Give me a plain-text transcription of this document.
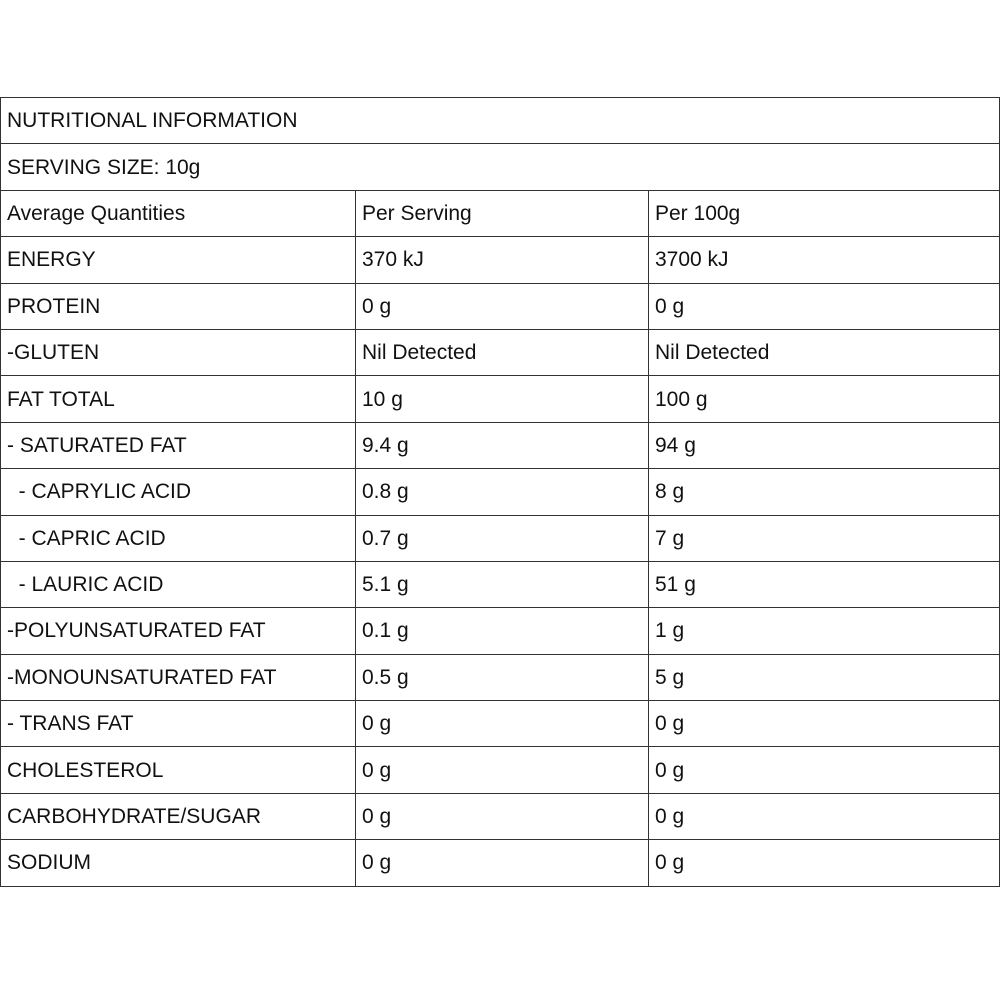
NUTRITIONAL INFORMATION		
SERVING SIZE: 10g		
Average Quantities	Per Serving	Per 100g
ENERGY	370 kJ	3700 kJ
PROTEIN	0 g	0 g
-GLUTEN	Nil Detected	Nil Detected
FAT TOTAL	10 g	100 g
- SATURATED FAT	9.4 g	94 g
- CAPRYLIC ACID	0.8 g	8 g
- CAPRIC ACID	0.7 g	7 g
- LAURIC ACID	5.1 g	51 g
-POLYUNSATURATED FAT	0.1 g	1 g
-MONOUNSATURATED FAT	0.5 g	5 g
- TRANS FAT	0 g	0 g
CHOLESTEROL	0 g	0 g
CARBOHYDRATE/SUGAR	0 g	0 g
SODIUM	0 g	0 g
